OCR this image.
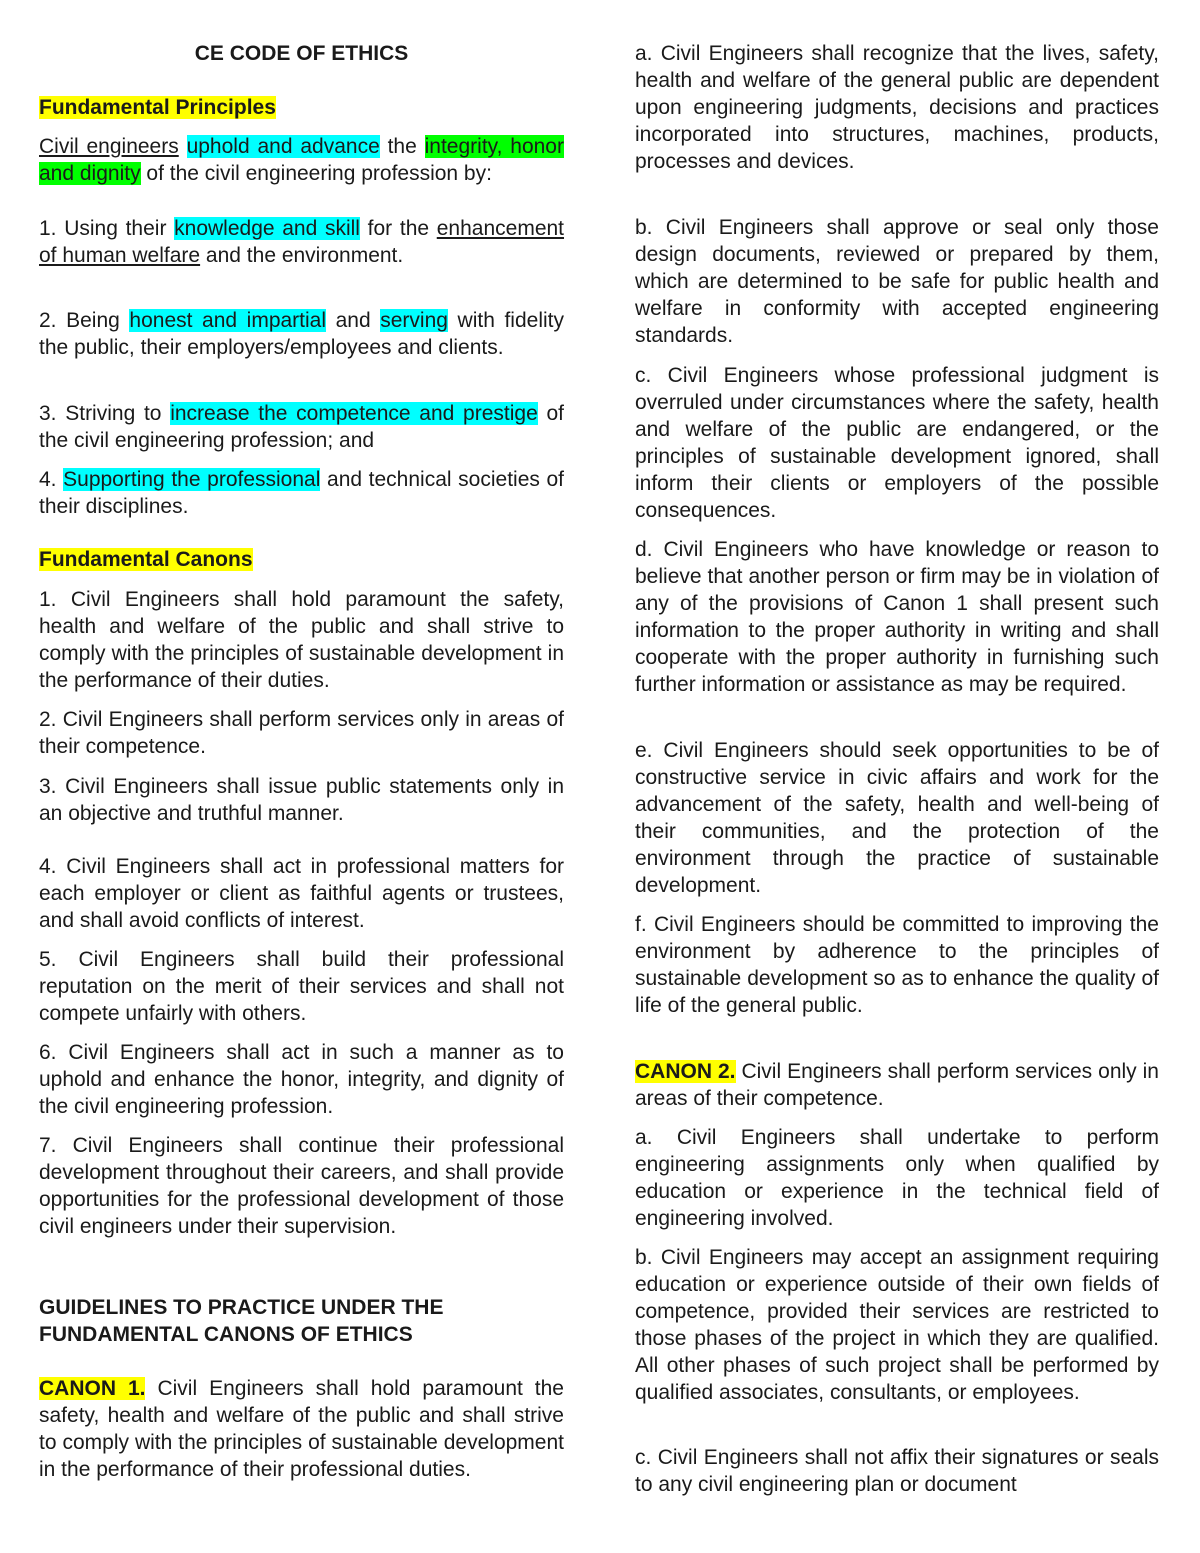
CE CODE OF ETHICS

Fundamental Principles

Civil engineers uphold and advance the integrity, honor and dignity of the civil engineering profession by:

1. Using their knowledge and skill for the enhancement of human welfare and the environment.

2. Being honest and impartial and serving with fidelity the public, their employers/employees and clients.

3. Striving to increase the competence and prestige of the civil engineering profession; and

4. Supporting the professional and technical societies of their disciplines.

Fundamental Canons

1. Civil Engineers shall hold paramount the safety, health and welfare of the public and shall strive to comply with the principles of sustainable development in the performance of their duties.

2. Civil Engineers shall perform services only in areas of their competence.

3. Civil Engineers shall issue public statements only in an objective and truthful manner.

4. Civil Engineers shall act in professional matters for each employer or client as faithful agents or trustees, and shall avoid conflicts of interest.

5. Civil Engineers shall build their professional reputation on the merit of their services and shall not compete unfairly with others.

6. Civil Engineers shall act in such a manner as to uphold and enhance the honor, integrity, and dignity of the civil engineering profession.

7. Civil Engineers shall continue their professional development throughout their careers, and shall provide opportunities for the professional development of those civil engineers under their supervision.

GUIDELINES TO PRACTICE UNDER THE FUNDAMENTAL CANONS OF ETHICS

CANON 1. Civil Engineers shall hold paramount the safety, health and welfare of the public and shall strive to comply with the principles of sustainable development in the performance of their professional duties.

a. Civil Engineers shall recognize that the lives, safety, health and welfare of the general public are dependent upon engineering judgments, decisions and practices incorporated into structures, machines, products, processes and devices.

b. Civil Engineers shall approve or seal only those design documents, reviewed or prepared by them, which are determined to be safe for public health and welfare in conformity with accepted engineering standards.

c. Civil Engineers whose professional judgment is overruled under circumstances where the safety, health and welfare of the public are endangered, or the principles of sustainable development ignored, shall inform their clients or employers of the possible consequences.

d. Civil Engineers who have knowledge or reason to believe that another person or firm may be in violation of any of the provisions of Canon 1 shall present such information to the proper authority in writing and shall cooperate with the proper authority in furnishing such further information or assistance as may be required.

e. Civil Engineers should seek opportunities to be of constructive service in civic affairs and work for the advancement of the safety, health and well-being of their communities, and the protection of the environment through the practice of sustainable development.

f. Civil Engineers should be committed to improving the environment by adherence to the principles of sustainable development so as to enhance the quality of life of the general public.

CANON 2. Civil Engineers shall perform services only in areas of their competence.

a. Civil Engineers shall undertake to perform engineering assignments only when qualified by education or experience in the technical field of engineering involved.

b. Civil Engineers may accept an assignment requiring education or experience outside of their own fields of competence, provided their services are restricted to those phases of the project in which they are qualified. All other phases of such project shall be performed by qualified associates, consultants, or employees.

c. Civil Engineers shall not affix their signatures or seals to any civil engineering plan or document
